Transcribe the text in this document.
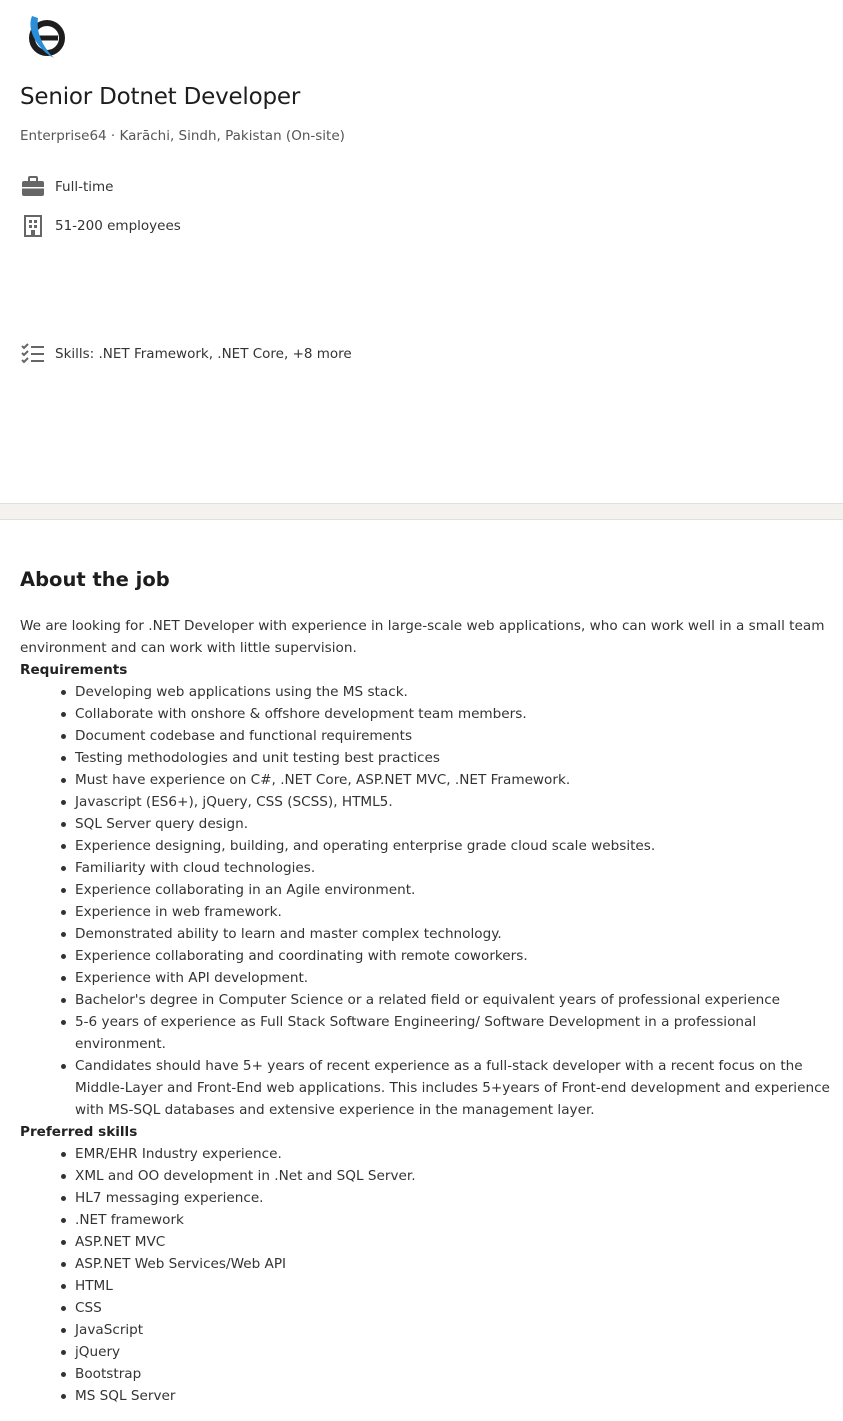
Senior Dotnet Developer
Enterprise64 · Karāchi, Sindh, Pakistan (On-site)
Full-time
51-200 employees
Skills: .NET Framework, .NET Core, +8 more
About the job

We are looking for .NET Developer with experience in large-scale web applications, who can work well in a small team environment and can work with little supervision.

Requirements
Developing web applications using the MS stack.
Collaborate with onshore & offshore development team members.
Document codebase and functional requirements
Testing methodologies and unit testing best practices
Must have experience on C#, .NET Core, ASP.NET MVC, .NET Framework.
Javascript (ES6+), jQuery, CSS (SCSS), HTML5.
SQL Server query design.
Experience designing, building, and operating enterprise grade cloud scale websites.
Familiarity with cloud technologies.
Experience collaborating in an Agile environment.
Experience in web framework.
Demonstrated ability to learn and master complex technology.
Experience collaborating and coordinating with remote coworkers.
Experience with API development.
Bachelor's degree in Computer Science or a related field or equivalent years of professional experience
5-6 years of experience as Full Stack Software Engineering/ Software Development in a professional environment.
Candidates should have 5+ years of recent experience as a full-stack developer with a recent focus on the Middle-Layer and Front-End web applications. This includes 5+years of Front-end development and experience with MS-SQL databases and extensive experience in the management layer.
Preferred skills
EMR/EHR Industry experience.
XML and OO development in .Net and SQL Server.
HL7 messaging experience.
.NET framework
ASP.NET MVC
ASP.NET Web Services/Web API
HTML
CSS
JavaScript
jQuery
Bootstrap
MS SQL Server
